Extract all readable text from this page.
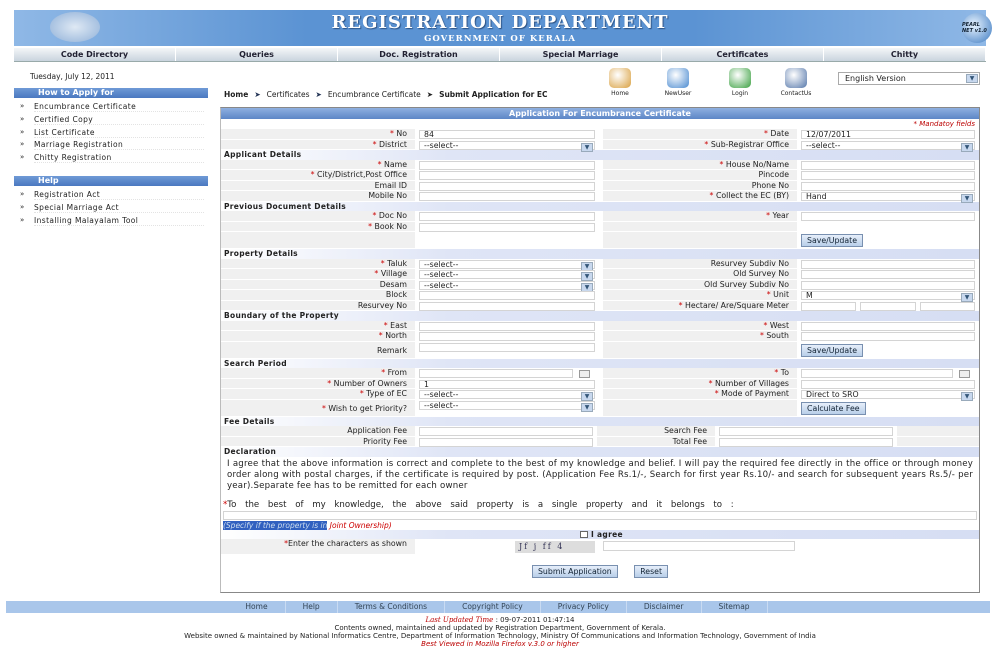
REGISTRATION DEPARTMENT
GOVERNMENT OF KERALA
PEARL NET v1.0
Code Directory	Queries	Doc. Registration	Special Marriage	Certificates	Chitty
Tuesday, July 12, 2011	English Version	▼
How to Apply for
Help
Home ➤ Certificates ➤ Encumbrance Certificate ➤ Submit Application for EC
Application For Encumbrance Certificate
* Mandatoy fields
* No	84	* Date	12/07/2011
* District	--select--	▼	* Sub-Registrar Office	--select--	▼
Applicant Details
* Name	* House No/Name
* City/District,Post Office	Pincode
Email ID	Phone No
Mobile No	* Collect the EC (BY)	Hand	▼
Previous Document Details
* Doc No	* Year
* Book No
Save/Update
Property Details
* Taluk	--select--	▼	Resurvey Subdiv No
* Village	--select--	▼	Old Survey No
Desam	--select--	▼	Old Survey Subdiv No
Block	* Unit	M	▼
Resurvey No	* Hectare/ Are/Square Meter
Boundary of the Property
* East	* West
* North	* South
Remark	Save/Update
Search Period
* From	* To
* Number of Owners	1	* Number of Villages
* Type of EC	--select--	▼	* Mode of Payment	Direct to SRO	▼
* Wish to get Priority?	--select--	▼	Calculate Fee
Fee Details
Application Fee	Search Fee
Priority Fee	Total Fee
Declaration
I agree that the above information is correct and complete to the best of my knowledge and belief. I will pay the required fee directly in the office or through money order along with postal charges, if the certificate is required by post. (Application Fee Rs.1/-, Search for first year Rs.10/- and search for subsequent years Rs.5/- per year).Separate fee has to be remitted for each owner
*To the best of my knowledge, the above said property is a single property and it belongs to :
(Specify if the property is in Joint Ownership)
I agree
*Enter the characters as shown	Jf j ff 4
Submit Application	Reset
Home	Help	Terms & Conditions	Copyright Policy	Privacy Policy	Disclaimer	Sitemap
Last Updated Time : 09-07-2011 01:47:14
Contents owned, maintained and updated by Registration Department, Government of Kerala.
Website owned & maintained by National Informatics Centre, Department of Information Technology, Ministry Of Communications and Information Technology, Government of India
Best Viewed in Mozilla Firefox v.3.0 or higher
Home	NewUser	Login	ContactUs
» Encumbrance Certificate
» Certified Copy
» List Certificate
» Marriage Registration
» Chitty Registration
» Registration Act
» Special Marriage Act
» Installing Malayalam Tool
